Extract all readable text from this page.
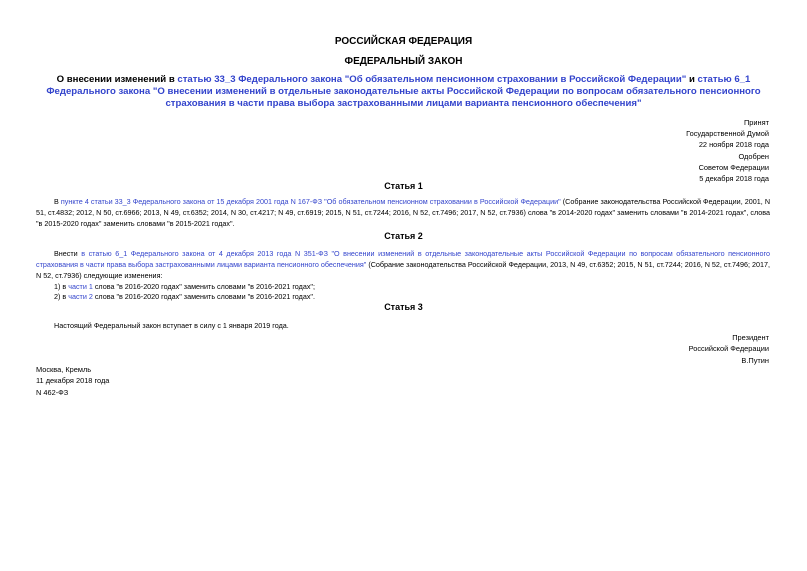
РОССИЙСКАЯ ФЕДЕРАЦИЯ
ФЕДЕРАЛЬНЫЙ ЗАКОН
О внесении изменений в статью 33_3 Федерального закона "Об обязательном пенсионном страховании в Российской Федерации" и статью 6_1 Федерального закона "О внесении изменений в отдельные законодательные акты Российской Федерации по вопросам обязательного пенсионного страхования в части права выбора застрахованными лицами варианта пенсионного обеспечения"
Принят
Государственной Думой
22 ноября 2018 года
Одобрен
Советом Федерации
5 декабря 2018 года
Статья 1
В пункте 4 статьи 33_3 Федерального закона от 15 декабря 2001 года N 167-ФЗ "Об обязательном пенсионном страховании в Российской Федерации" (Собрание законодательства Российской Федерации, 2001, N 51, ст.4832; 2012, N 50, ст.6966; 2013, N 49, ст.6352; 2014, N 30, ст.4217; N 49, ст.6919; 2015, N 51, ст.7244; 2016, N 52, ст.7496; 2017, N 52, ст.7936) слова "в 2014-2020 годах" заменить словами "в 2014-2021 годах", слова "в 2015-2020 годах" заменить словами "в 2015-2021 годах".
Статья 2
Внести в статью 6_1 Федерального закона от 4 декабря 2013 года N 351-ФЗ "О внесении изменений в отдельные законодательные акты Российской Федерации по вопросам обязательного пенсионного страхования в части права выбора застрахованными лицами варианта пенсионного обеспечения" (Собрание законодательства Российской Федерации, 2013, N 49, ст.6352; 2015, N 51, ст.7244; 2016, N 52, ст.7496; 2017, N 52, ст.7936) следующие изменения:
1) в части 1 слова "в 2016-2020 годах" заменить словами "в 2016-2021 годах";
2) в части 2 слова "в 2016-2020 годах" заменить словами "в 2016-2021 годах".
Статья 3
Настоящий Федеральный закон вступает в силу с 1 января 2019 года.
Президент
Российской Федерации
В.Путин
Москва, Кремль
11 декабря 2018 года
N 462-ФЗ
